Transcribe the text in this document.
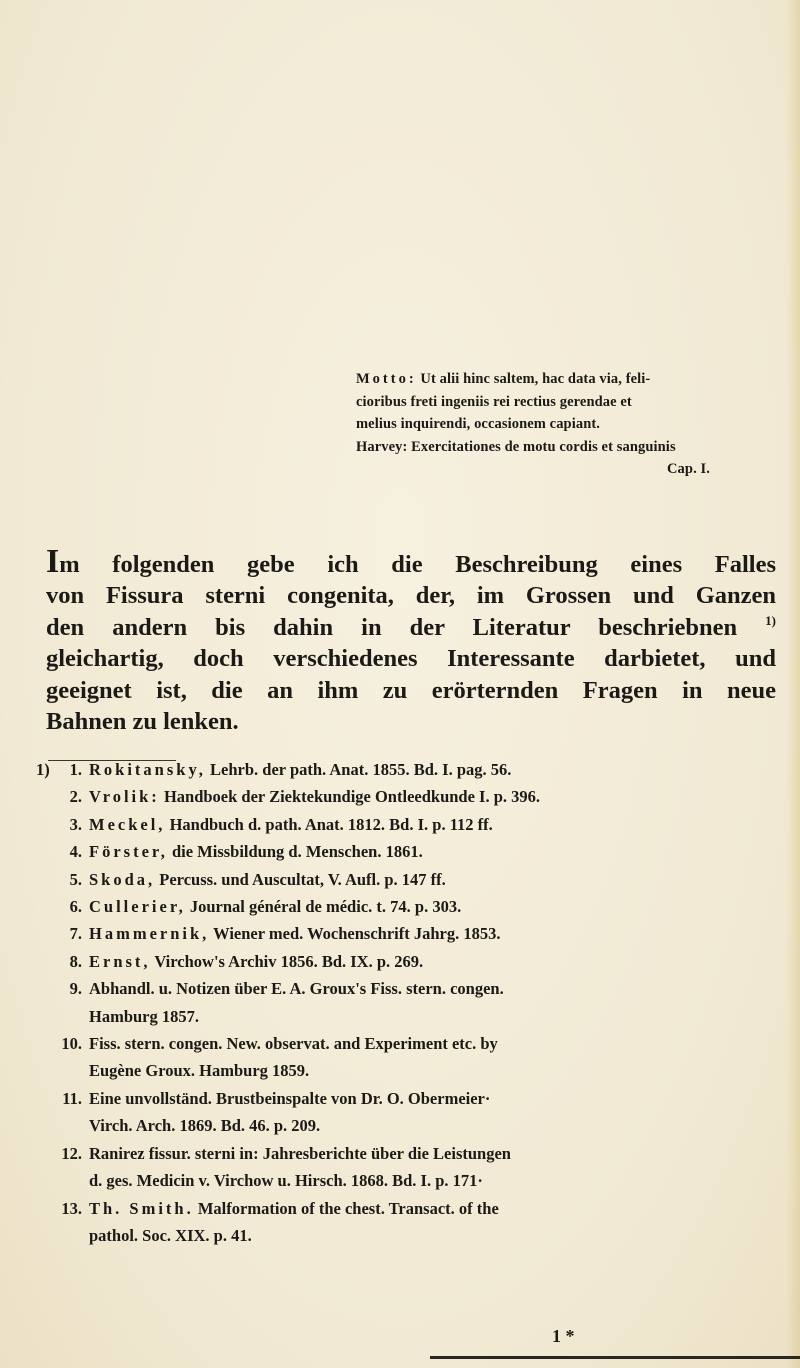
Motto: Ut alii hinc saltem, hac data via, feli-
cioribus freti ingeniis rei rectius gerendae et
melius inquirendi, occasionem capiant.
Harvey: Exercitationes de motu cordis et sanguinis
Cap. I.
Im folgenden gebe ich die Beschreibung eines Falles
von Fissura sterni congenita, der, im Grossen und Ganzen
den andern bis dahin in der Literatur beschriebnen $^{1)}$
gleichartig, doch verschiedenes Interessante darbietet, und
geeignet ist, die an ihm zu erörternden Fragen in neue
Bahnen zu lenken.
1)	1. Rokitansky, Lehrb. der path. Anat. 1855. Bd. I. pag. 56.
2. Vrolik: Handboek der Ziektekundige Ontleedkunde I. p. 396.
3. Meckel, Handbuch d. path. Anat. 1812. Bd. I. p. 112 ff.
4. Förster, die Missbildung d. Menschen. 1861.
5. Skoda, Percuss. und Auscultat, V. Aufl. p. 147 ff.
6. Cullerier, Journal général de médic. t. 74. p. 303.
7. Hammernik, Wiener med. Wochenschrift Jahrg. 1853.
8. Ernst, Virchow's Archiv 1856. Bd. IX. p. 269.
9. Abhandl. u. Notizen über E. A. Groux's Fiss. stern. congen.
Hamburg 1857.
10. Fiss. stern. congen. New. observat. and Experiment etc. by
Eugène Groux. Hamburg 1859.
11. Eine unvollständ. Brustbeinspalte von Dr. O. Obermeier·
Virch. Arch. 1869. Bd. 46. p. 209.
12. Ranirez fissur. sterni in: Jahresberichte über die Leistungen
d. ges. Medicin v. Virchow u. Hirsch. 1868. Bd. I. p. 171·
13. Th. Smith. Malformation of the chest. Transact. of the
pathol. Soc. XIX. p. 41.
1 *
